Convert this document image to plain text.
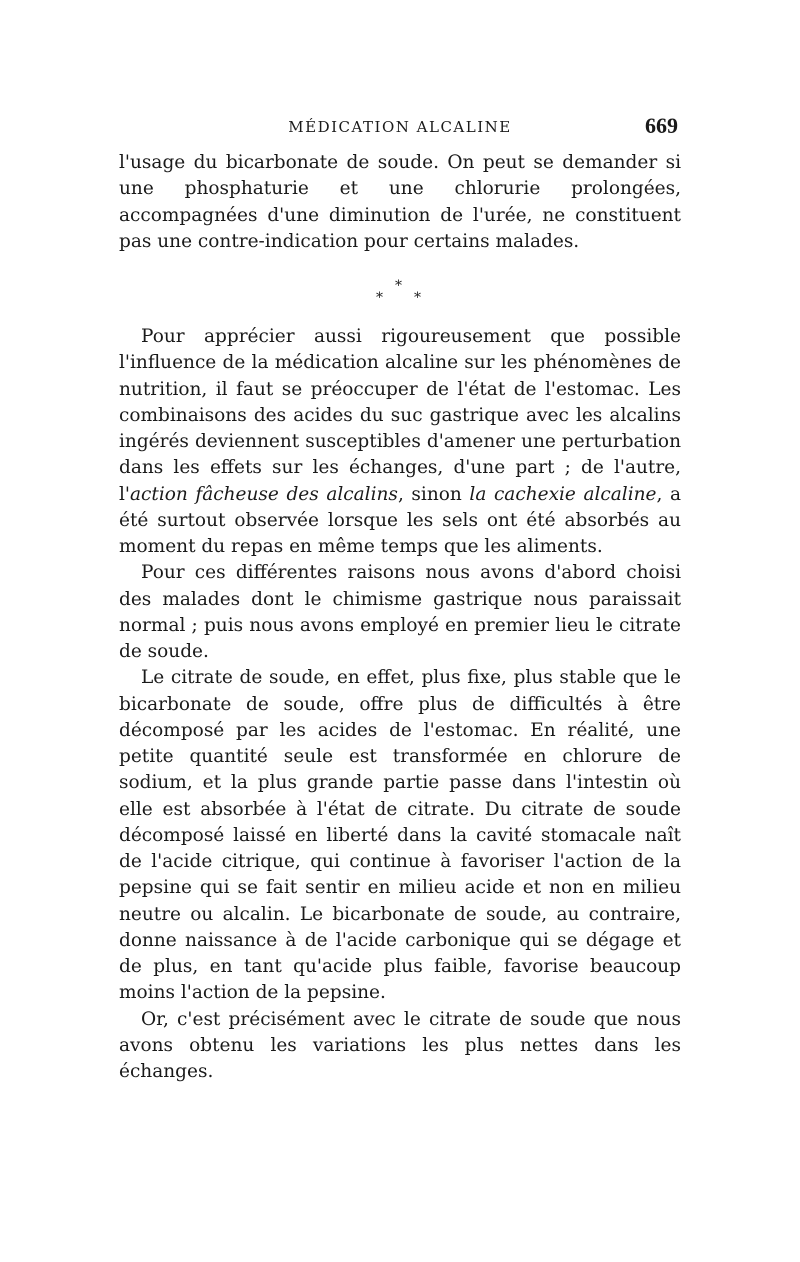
MÉDICATION ALCALINE	669

l'usage du bicarbonate de soude. On peut se demander si une phosphaturie et une chlorurie prolongées, accompagnées d'une diminution de l'urée, ne constituent pas une contre-indication pour certains malades.

*
* *

Pour apprécier aussi rigoureusement que possible l'influence de la médication alcaline sur les phénomènes de nutrition, il faut se préoccuper de l'état de l'estomac. Les combinaisons des acides du suc gastrique avec les alcalins ingérés deviennent susceptibles d'amener une perturbation dans les effets sur les échanges, d'une part ; de l'autre, l'action fâcheuse des alcalins, sinon la cachexie alcaline, a été surtout observée lorsque les sels ont été absorbés au moment du repas en même temps que les aliments.

Pour ces différentes raisons nous avons d'abord choisi des malades dont le chimisme gastrique nous paraissait normal ; puis nous avons employé en premier lieu le citrate de soude.

Le citrate de soude, en effet, plus fixe, plus stable que le bicarbonate de soude, offre plus de difficultés à être décomposé par les acides de l'estomac. En réalité, une petite quantité seule est transformée en chlorure de sodium, et la plus grande partie passe dans l'intestin où elle est absorbée à l'état de citrate. Du citrate de soude décomposé laissé en liberté dans la cavité stomacale naît de l'acide citrique, qui continue à favoriser l'action de la pepsine qui se fait sentir en milieu acide et non en milieu neutre ou alcalin. Le bicarbonate de soude, au contraire, donne naissance à de l'acide carbonique qui se dégage et de plus, en tant qu'acide plus faible, favorise beaucoup moins l'action de la pepsine.

Or, c'est précisément avec le citrate de soude que nous avons obtenu les variations les plus nettes dans les échanges.
